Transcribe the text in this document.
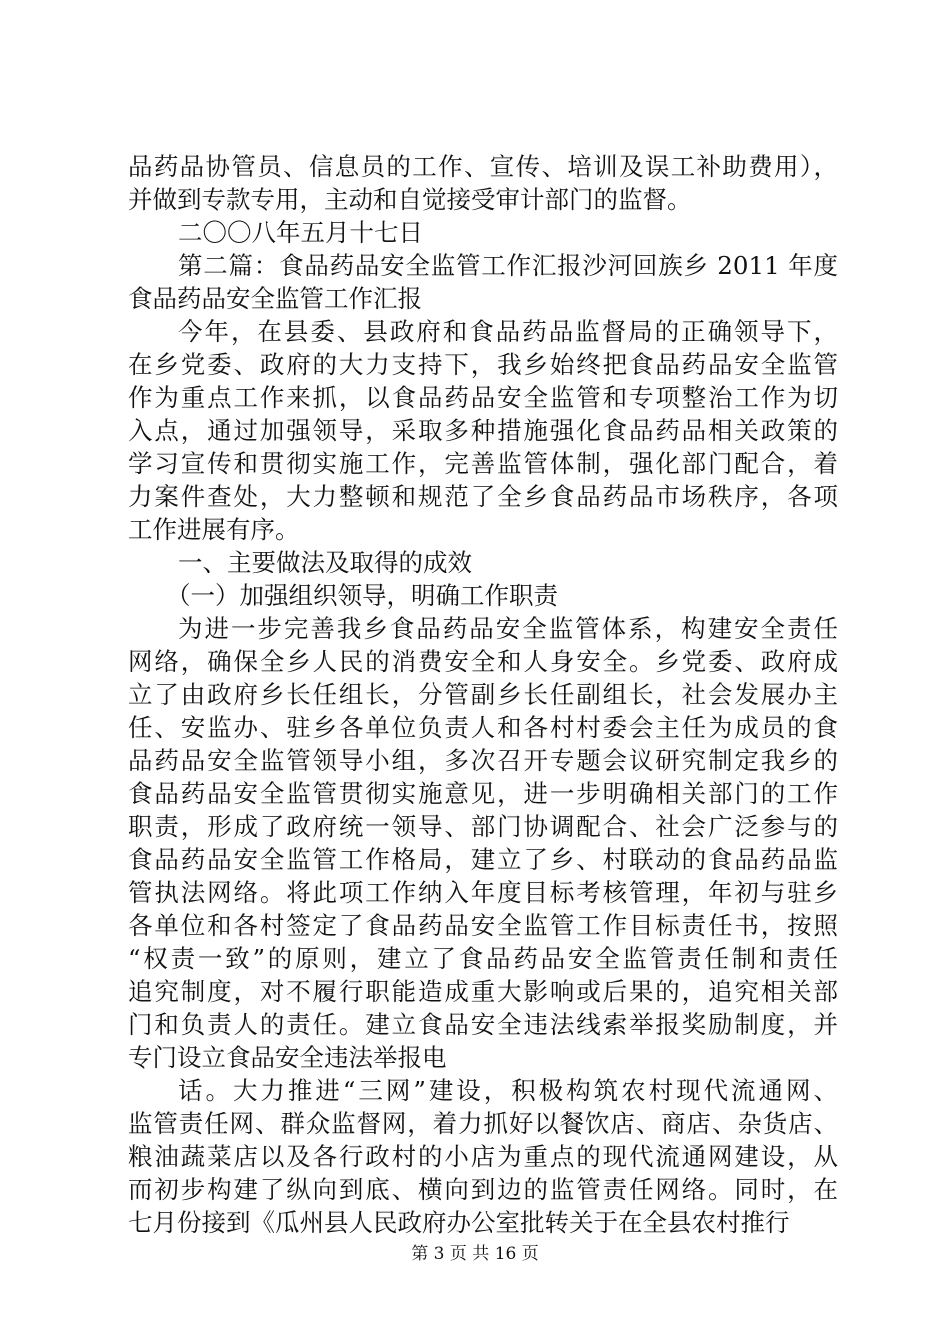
品药品协管员、信息员的工作、宣传、培训及误工补助费用），
并做到专款专用，主动和自觉接受审计部门的监督。
二〇〇八年五月十七日
第二篇：食品药品安全监管工作汇报沙河回族乡 2011 年度
食品药品安全监管工作汇报
今年，在县委、县政府和食品药品监督局的正确领导下，
在乡党委、政府的大力支持下，我乡始终把食品药品安全监管
作为重点工作来抓，以食品药品安全监管和专项整治工作为切
入点，通过加强领导，采取多种措施强化食品药品相关政策的
学习宣传和贯彻实施工作，完善监管体制，强化部门配合，着
力案件查处，大力整顿和规范了全乡食品药品市场秩序，各项
工作进展有序。
一、主要做法及取得的成效
（一）加强组织领导，明确工作职责
为进一步完善我乡食品药品安全监管体系，构建安全责任
网络，确保全乡人民的消费安全和人身安全。乡党委、政府成
立了由政府乡长任组长，分管副乡长任副组长，社会发展办主
任、安监办、驻乡各单位负责人和各村村委会主任为成员的食
品药品安全监管领导小组，多次召开专题会议研究制定我乡的
食品药品安全监管贯彻实施意见，进一步明确相关部门的工作
职责，形成了政府统一领导、部门协调配合、社会广泛参与的
食品药品安全监管工作格局，建立了乡、村联动的食品药品监
管执法网络。将此项工作纳入年度目标考核管理，年初与驻乡
各单位和各村签定了食品药品安全监管工作目标责任书，按照
“权责一致”的原则，建立了食品药品安全监管责任制和责任
追究制度，对不履行职能造成重大影响或后果的，追究相关部
门和负责人的责任。建立食品安全违法线索举报奖励制度，并
专门设立食品安全违法举报电
话。大力推进“三网”建设，积极构筑农村现代流通网、
监管责任网、群众监督网，着力抓好以餐饮店、商店、杂货店、
粮油蔬菜店以及各行政村的小店为重点的现代流通网建设，从
而初步构建了纵向到底、横向到边的监管责任网络。同时，在
七月份接到《瓜州县人民政府办公室批转关于在全县农村推行
第 3 页 共 16 页
